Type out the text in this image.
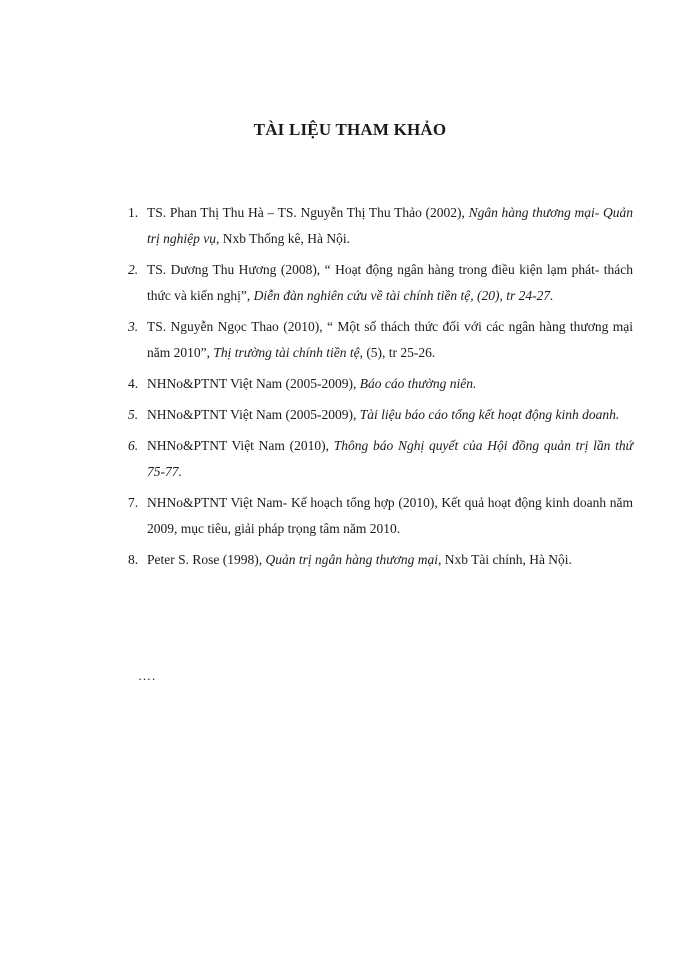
TÀI LIỆU THAM KHẢO
1. TS. Phan Thị Thu Hà – TS. Nguyễn Thị Thu Thảo (2002), Ngân hàng thương mại- Quản trị nghiệp vụ, Nxb Thống kê, Hà Nội.
2. TS. Dương Thu Hương (2008), “ Hoạt động ngân hàng trong điều kiện lạm phát- thách thức và kiến nghị”, Diễn đàn nghiên cứu về tài chính tiền tệ, (20), tr 24-27.
3. TS. Nguyễn Ngọc Thao (2010), “ Một số thách thức đối với các ngân hàng thương mại năm 2010”, Thị trường tài chính tiền tệ, (5), tr 25-26.
4. NHNo&PTNT Việt Nam (2005-2009), Báo cáo thường niên.
5. NHNo&PTNT Việt Nam (2005-2009), Tài liệu báo cáo tổng kết hoạt động kinh doanh.
6. NHNo&PTNT Việt Nam (2010), Thông báo Nghị quyết của Hội đồng quản trị lần thứ 75-77.
7. NHNo&PTNT Việt Nam- Kế hoạch tổng hợp (2010), Kết quả hoạt động kinh doanh năm 2009, mục tiêu, giải pháp trọng tâm năm 2010.
8. Peter S. Rose (1998), Quản trị ngân hàng thương mại, Nxb Tài chính, Hà Nội.
….
